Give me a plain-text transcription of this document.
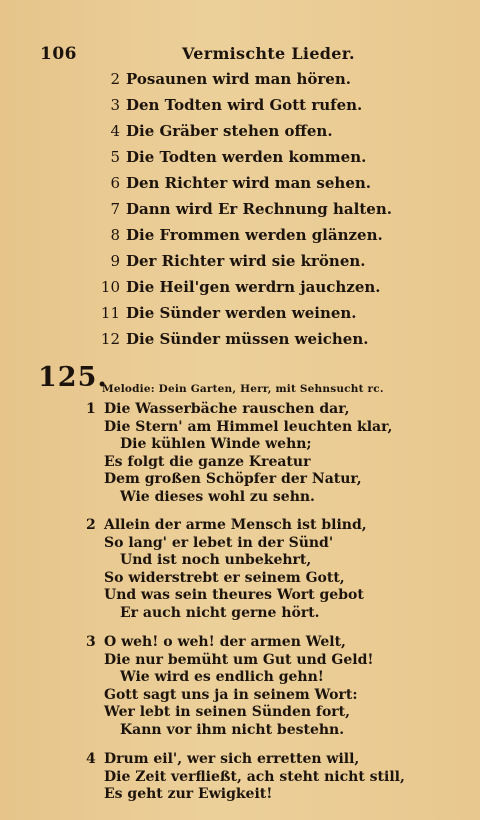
106	Vermischte Lieder.
2 Posaunen wird man hören.
3 Den Todten wird Gott rufen.
4 Die Gräber stehen offen.
5 Die Todten werden kommen.
6 Den Richter wird man sehen.
7 Dann wird Er Rechnung halten.
8 Die Frommen werden glänzen.
9 Der Richter wird sie krönen.
10 Die Heil'gen werdrn jauchzen.
11 Die Sünder werden weinen.
12 Die Sünder müssen weichen.
125.
Melodie: Dein Garten, Herr, mit Sehnsucht rc.
1 Die Wasserbäche rauschen dar,
Die Stern' am Himmel leuchten klar,
Die kühlen Winde wehn;
Es folgt die ganze Kreatur
Dem großen Schöpfer der Natur,
Wie dieses wohl zu sehn.
2 Allein der arme Mensch ist blind,
So lang' er lebet in der Sünd'
Und ist noch unbekehrt,
So widerstrebt er seinem Gott,
Und was sein theures Wort gebot
Er auch nicht gerne hört.
3 O weh! o weh! der armen Welt,
Die nur bemüht um Gut und Geld!
Wie wird es endlich gehn!
Gott sagt uns ja in seinem Wort:
Wer lebt in seinen Sünden fort,
Kann vor ihm nicht bestehn.
4 Drum eil', wer sich erretten will,
Die Zeit verfließt, ach steht nicht still,
Es geht zur Ewigkeit!
